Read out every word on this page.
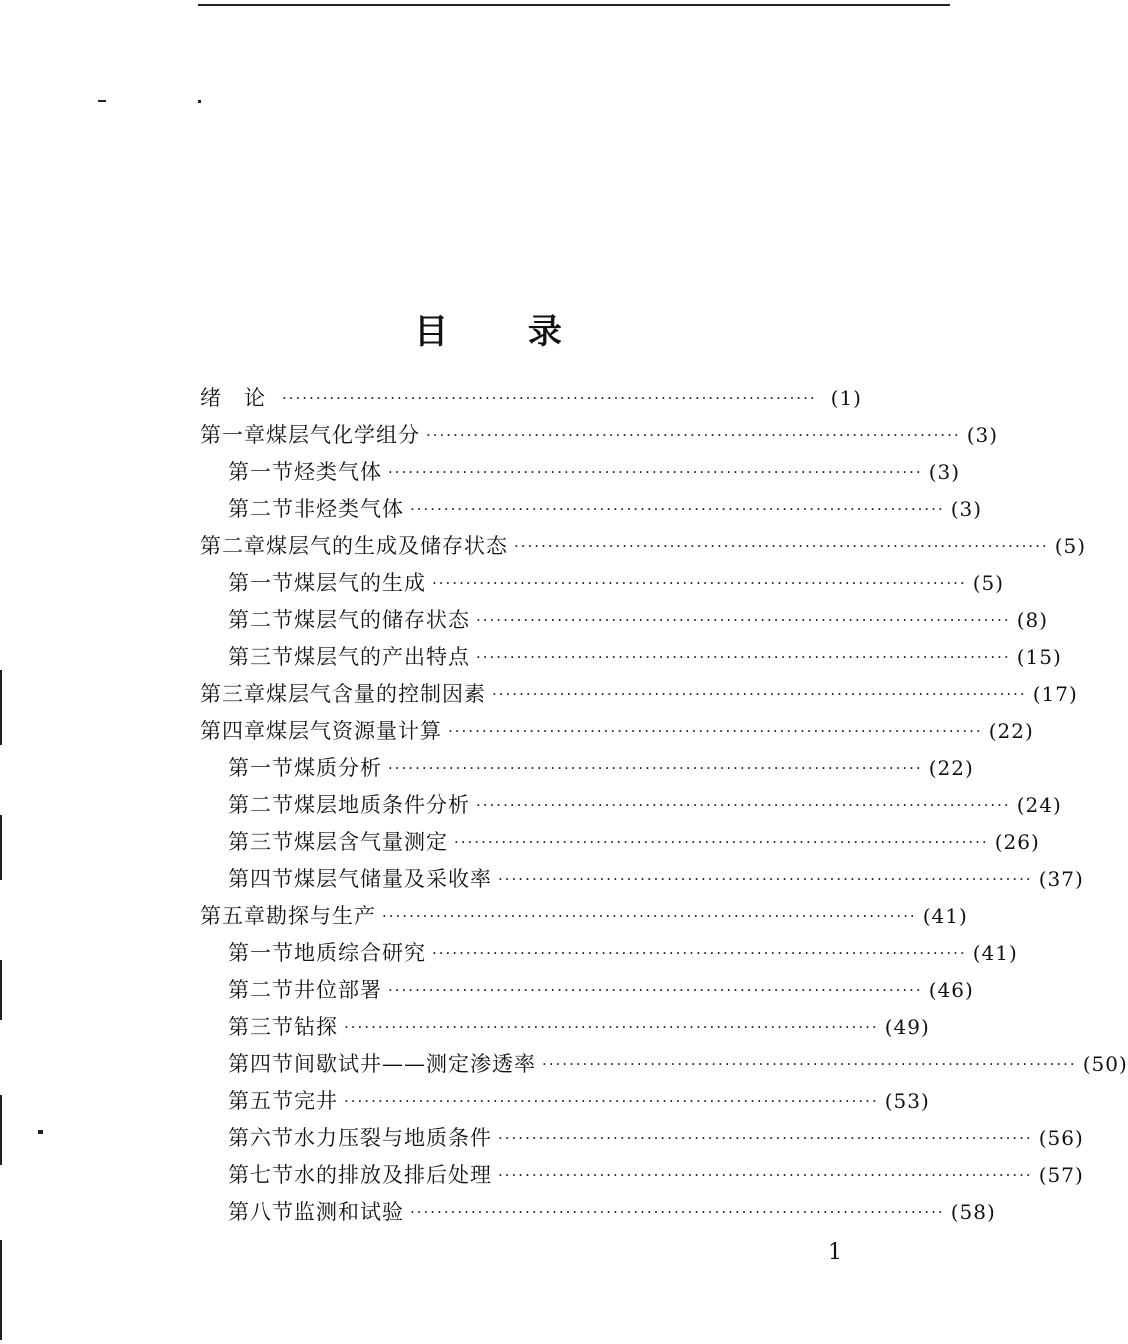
目 录
绪　论	··············································································· (1)
第一章 煤层气化学组分 ··············································································· (3)
第一节 烃类气体 ··············································································· (3)
第二节 非烃类气体 ··············································································· (3)
第二章 煤层气的生成及储存状态 ··············································································· (5)
第一节 煤层气的生成 ··············································································· (5)
第二节 煤层气的储存状态 ··············································································· (8)
第三节 煤层气的产出特点 ··············································································· (15)
第三章 煤层气含量的控制因素 ··············································································· (17)
第四章 煤层气资源量计算 ··············································································· (22)
第一节 煤质分析 ··············································································· (22)
第二节 煤层地质条件分析 ··············································································· (24)
第三节 煤层含气量测定 ··············································································· (26)
第四节 煤层气储量及采收率 ··············································································· (37)
第五章 勘探与生产 ··············································································· (41)
第一节 地质综合研究 ··············································································· (41)
第二节 井位部署 ··············································································· (46)
第三节 钻探 ··············································································· (49)
第四节 间歇试井——测定渗透率 ··············································································· (50)
第五节 完井 ··············································································· (53)
第六节 水力压裂与地质条件 ··············································································· (56)
第七节 水的排放及排后处理 ··············································································· (57)
第八节 监测和试验 ··············································································· (58)
1
